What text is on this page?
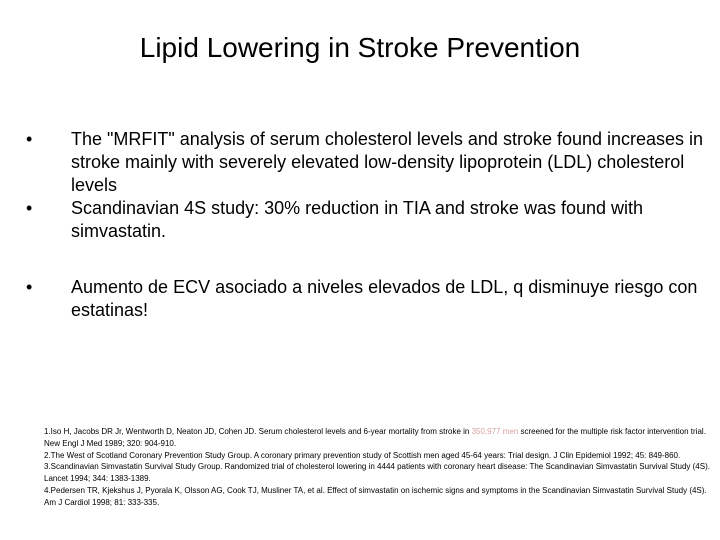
Lipid Lowering in Stroke Prevention
•	The "MRFIT" analysis of serum cholesterol levels and stroke found increases in stroke mainly with severely elevated low-density lipoprotein (LDL) cholesterol levels
•	Scandinavian 4S study: 30% reduction in TIA and stroke was found with simvastatin.
•	Aumento de ECV asociado a niveles elevados de LDL, q disminuye riesgo con estatinas!

1.Iso H, Jacobs DR Jr, Wentworth D, Neaton JD, Cohen JD. Serum cholesterol levels and 6-year mortality from stroke in 350,977 men screened for the multiple risk factor intervention trial. New Engl J Med 1989; 320: 904-910.

2.The West of Scotland Coronary Prevention Study Group. A coronary primary prevention study of Scottish men aged 45-64 years: Trial design. J Clin Epidemiol 1992; 45: 849-860.

3.Scandinavian Simvastatin Survival Study Group. Randomized trial of cholesterol lowering in 4444 patients with coronary heart disease: The Scandinavian Simvastatin Survival Study (4S). Lancet 1994; 344: 1383-1389.

4.Pedersen TR, Kjekshus J, Pyorala K, Olsson AG, Cook TJ, Musliner TA, et al. Effect of simvastatin on ischemic signs and symptoms in the Scandinavian Simvastatin Survival Study (4S). Am J Cardiol 1998; 81: 333-335.
